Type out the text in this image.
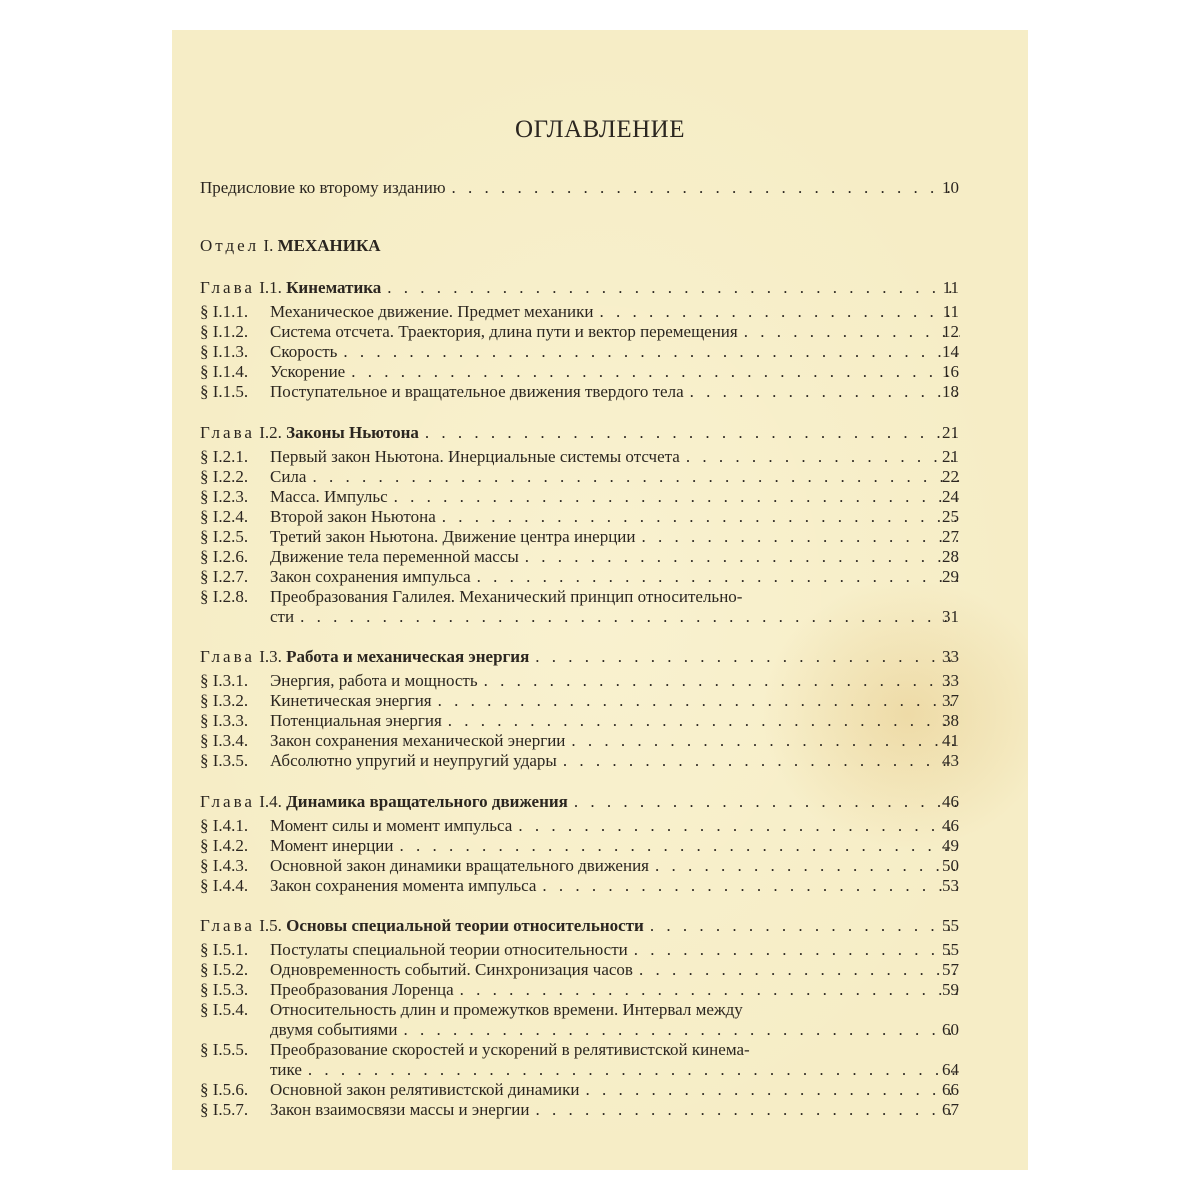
ОГЛАВЛЕНИЕ
Предисловие ко второму изданию . . .	10
Отдел
I.
МЕХАНИКА
Глава
I.1.
Кинематика . . .	11
§ I.1.1.	Механическое движение. Предмет механики . . .	11
§ I.1.2.	Система отсчета. Траектория, длина пути и вектор перемещения . . .	12
§ I.1.3.	Скорость . . .	14
§ I.1.4.	Ускорение . . .	16
§ I.1.5.	Поступательное и вращательное движения твердого тела . . .	18
Глава
I.2.
Законы Ньютона . . .	21
§ I.2.1.	Первый закон Ньютона. Инерциальные системы отсчета . . .	21
§ I.2.2.	Сила . . .	22
§ I.2.3.	Масса. Импульс . . .	24
§ I.2.4.	Второй закон Ньютона . . .	25
§ I.2.5.	Третий закон Ньютона. Движение центра инерции . . .	27
§ I.2.6.	Движение тела переменной массы . . .	28
§ I.2.7.	Закон сохранения импульса . . .	29
§ I.2.8.	Преобразования Галилея. Механический принцип относительно-
сти . . .	31
Глава
I.3.
Работа и механическая энергия . . .	33
§ I.3.1.	Энергия, работа и мощность . . .	33
§ I.3.2.	Кинетическая энергия . . .	37
§ I.3.3.	Потенциальная энергия . . .	38
§ I.3.4.	Закон сохранения механической энергии . . .	41
§ I.3.5.	Абсолютно упругий и неупругий удары . . .	43
Глава
I.4.
Динамика вращательного движения . . .	46
§ I.4.1.	Момент силы и момент импульса . . .	46
§ I.4.2.	Момент инерции . . .	49
§ I.4.3.	Основной закон динамики вращательного движения . . .	50
§ I.4.4.	Закон сохранения момента импульса . . .	53
Глава
I.5.
Основы специальной теории относительности . . .	55
§ I.5.1.	Постулаты специальной теории относительности . . .	55
§ I.5.2.	Одновременность событий. Синхронизация часов . . .	57
§ I.5.3.	Преобразования Лоренца . . .	59
§ I.5.4.	Относительность длин и промежутков времени. Интервал между
двумя событиями . . .	60
§ I.5.5.	Преобразование скоростей и ускорений в релятивистской кинема-
тике . . .	64
§ I.5.6.	Основной закон релятивистской динамики . . .	66
§ I.5.7.	Закон взаимосвязи массы и энергии . . .	67
